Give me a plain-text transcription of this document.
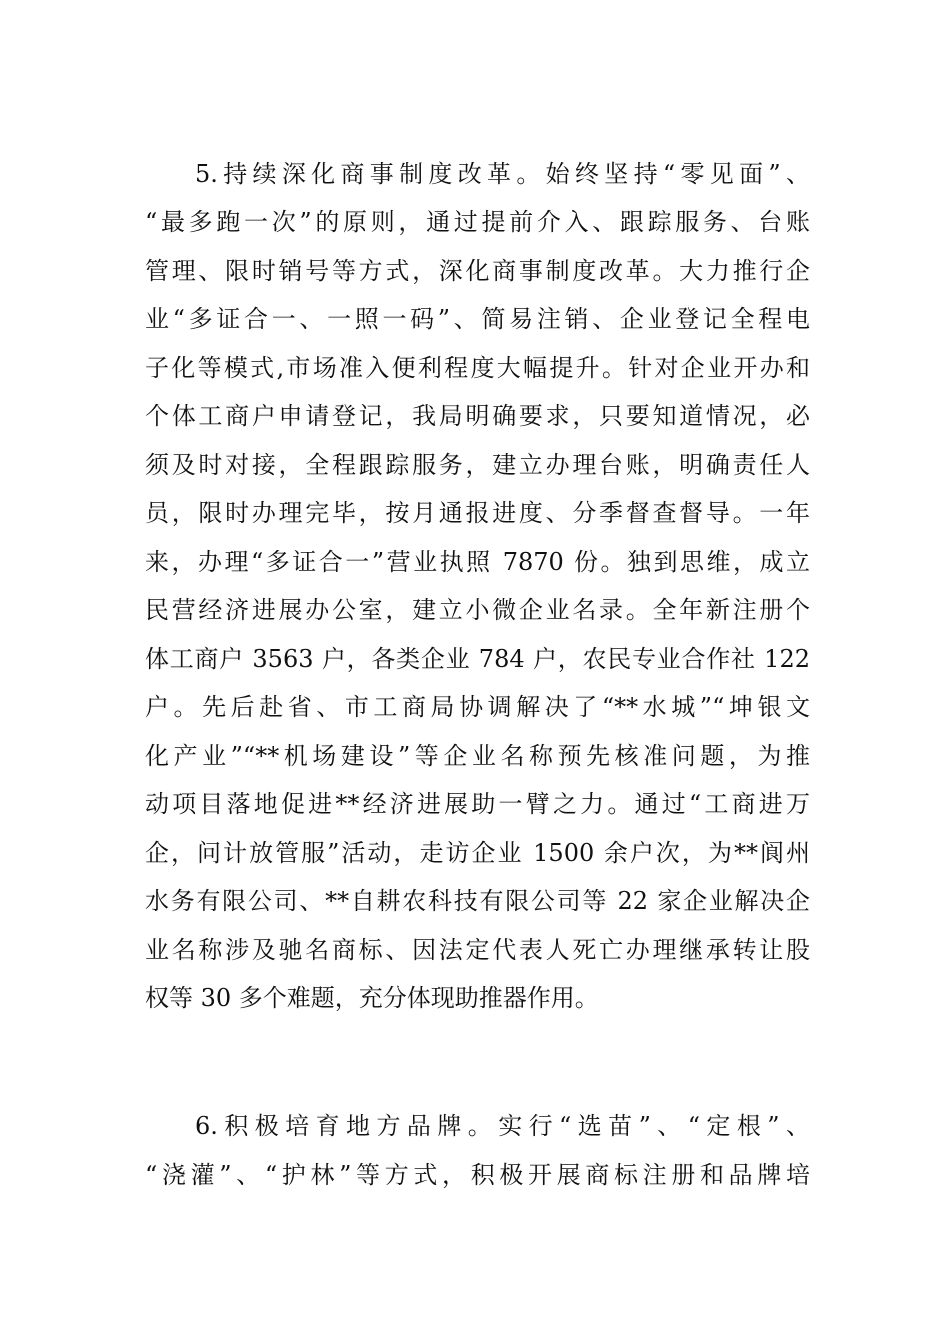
5.持续深化商事制度改革。始终坚持“零见面”、
“最多跑一次”的原则，通过提前介入、跟踪服务、台账
管理、限时销号等方式，深化商事制度改革。大力推行企
业“多证合一、一照一码”、简易注销、企业登记全程电
子化等模式,市场准入便利程度大幅提升。针对企业开办和
个体工商户申请登记，我局明确要求，只要知道情况，必
须及时对接，全程跟踪服务，建立办理台账，明确责任人
员，限时办理完毕，按月通报进度、分季督查督导。一年
来，办理“多证合一”营业执照 7870 份。独到思维，成立
民营经济进展办公室，建立小微企业名录。全年新注册个
体工商户 3563 户，各类企业 784 户，农民专业合作社 122
户。先后赴省、市工商局协调解决了“**水城”“坤银文
化产业”“**机场建设”等企业名称预先核准问题，为推
动项目落地促进**经济进展助一臂之力。通过“工商进万
企，问计放管服”活动，走访企业 1500 余户次，为**阆州
水务有限公司、**自耕农科技有限公司等 22 家企业解决企
业名称涉及驰名商标、因法定代表人死亡办理继承转让股
权等 30 多个难题，充分体现助推器作用。
6.积极培育地方品牌。实行“选苗”、“定根”、
“浇灌”、“护林”等方式，积极开展商标注册和品牌培
